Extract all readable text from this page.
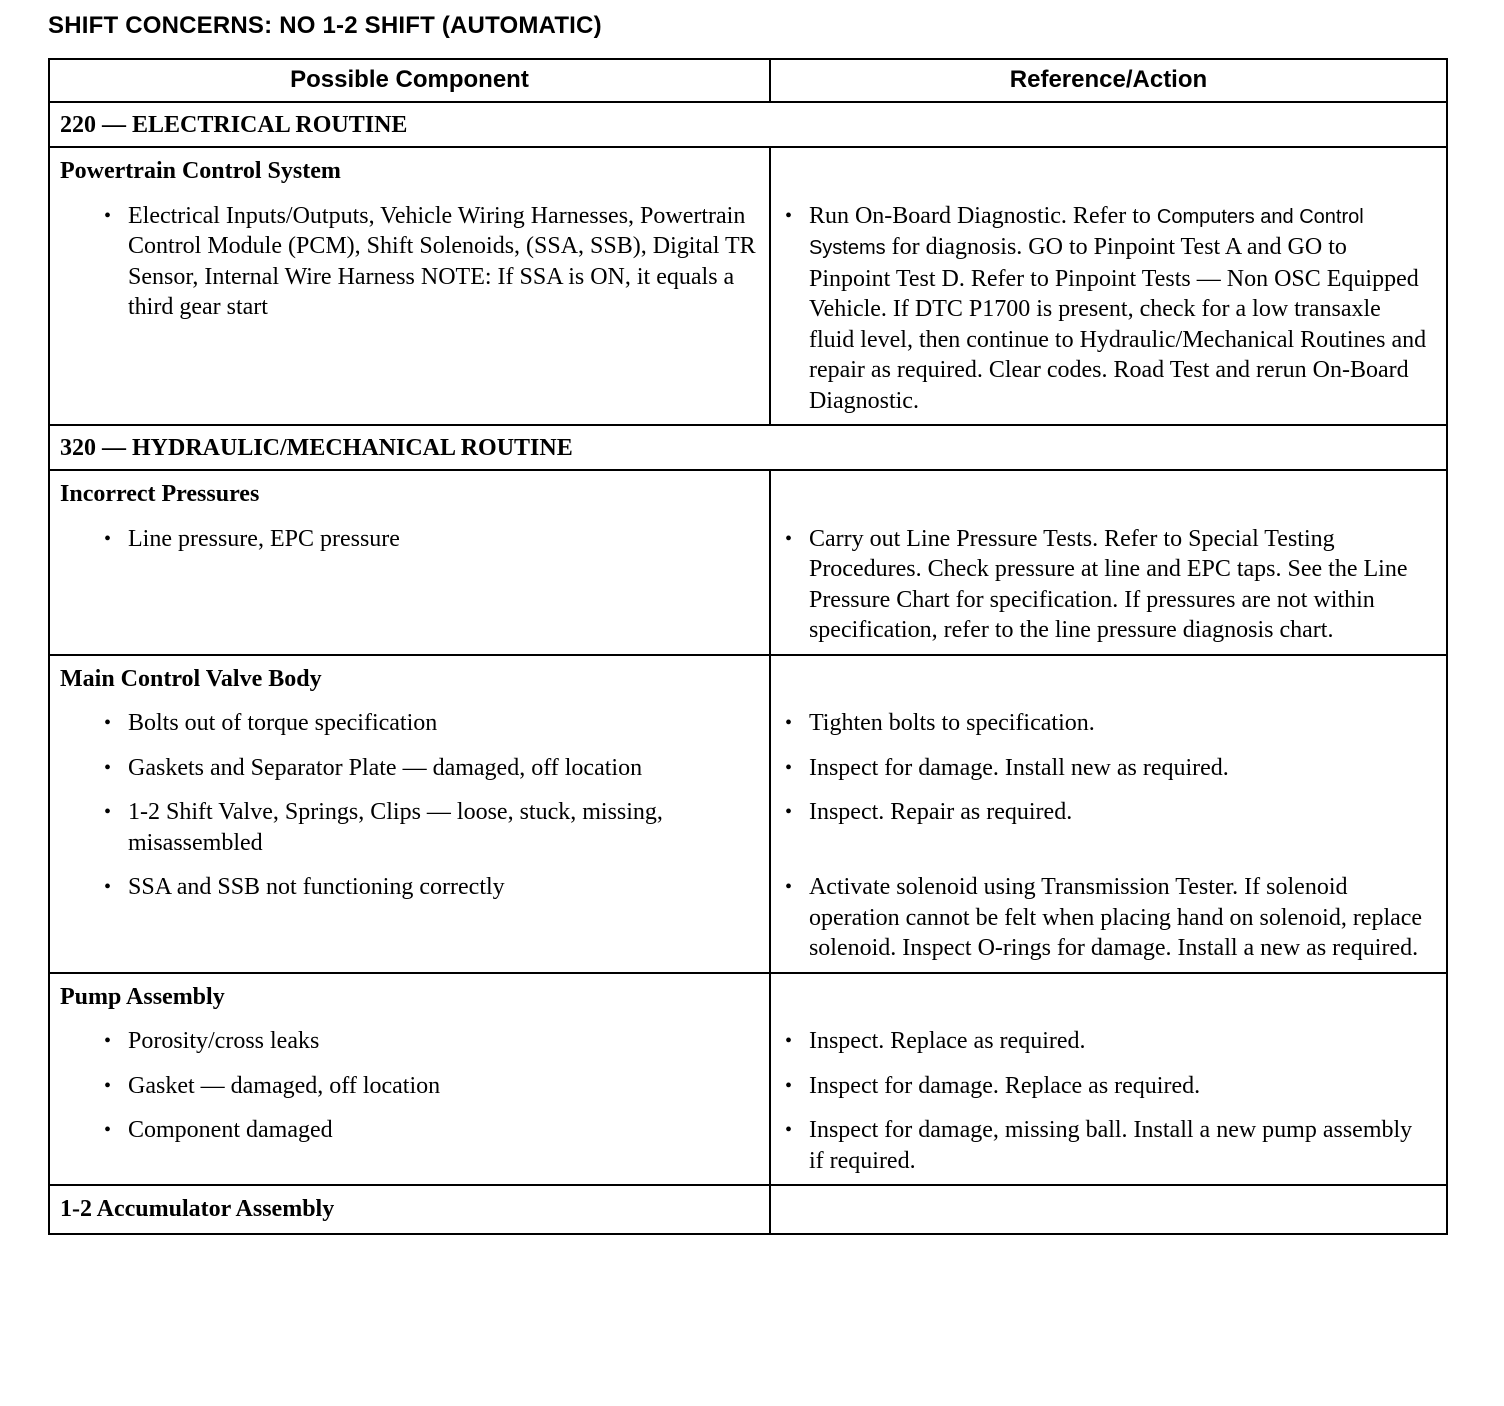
SHIFT CONCERNS: NO 1-2 SHIFT (AUTOMATIC)
Possible Component	Reference/Action
220 — ELECTRICAL ROUTINE
Powertrain Control System
• Electrical Inputs/Outputs, Vehicle Wiring Harnesses, Powertrain Control Module (PCM), Shift Solenoids, (SSA, SSB), Digital TR Sensor, Internal Wire Harness NOTE: If SSA is ON, it equals a third gear start
• Run On-Board Diagnostic. Refer to Computers and Control Systems for diagnosis. GO to Pinpoint Test A and GO to Pinpoint Test D. Refer to Pinpoint Tests — Non OSC Equipped Vehicle. If DTC P1700 is present, check for a low transaxle fluid level, then continue to Hydraulic/Mechanical Routines and repair as required. Clear codes. Road Test and rerun On-Board Diagnostic.
320 — HYDRAULIC/MECHANICAL ROUTINE
Incorrect Pressures
• Line pressure, EPC pressure	• Carry out Line Pressure Tests. Refer to Special Testing Procedures. Check pressure at line and EPC taps. See the Line Pressure Chart for specification. If pressures are not within specification, refer to the line pressure diagnosis chart.
Main Control Valve Body
• Bolts out of torque specification
• Gaskets and Separator Plate — damaged, off location
• 1-2 Shift Valve, Springs, Clips — loose, stuck, missing, misassembled
• SSA and SSB not functioning correctly
• Tighten bolts to specification.
• Inspect for damage. Install new as required.
• Inspect. Repair as required.
• Activate solenoid using Transmission Tester. If solenoid operation cannot be felt when placing hand on solenoid, replace solenoid. Inspect O-rings for damage. Install a new as required.
Pump Assembly
• Porosity/cross leaks
• Gasket — damaged, off location
• Component damaged
• Inspect. Replace as required.
• Inspect for damage. Replace as required.
• Inspect for damage, missing ball. Install a new pump assembly if required.
1-2 Accumulator Assembly
